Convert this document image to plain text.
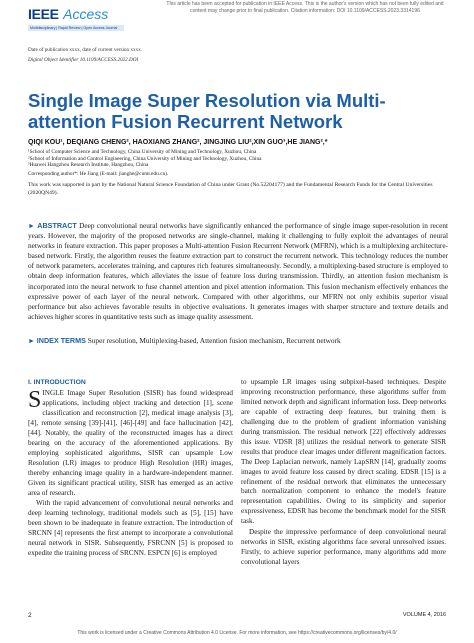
This article has been accepted for publication in IEEE Access. This is the author's version which has not been fully edited and
content may change prior to final publication. Citation information: DOI 10.1109/ACCESS.2023.3314196
IEEE Access
Multidisciplinary | Rapid Review | Open Access Journal
Date of publication xxxx, date of current version xxxx.
Digital Object Identifier 10.1109/ACCESS.2022.DOI
Single Image Super Resolution via Multi-attention Fusion Recurrent Network
QIQI KOU¹, DEQIANG CHENG², HAOXIANG ZHANG², JINGJING LIU²,XIN GUO³,HE JIANG²,*
¹School of Computer Science and Technology, China University of Mining and Technology, Xuzhou, China
²School of Information and Control Engineering, China University of Mining and Technology, Xuzhou, China
³Huawei Hangzhou Research Institute, Hangzhou, China
Corresponding author*: He Jiang (E-mail: jianghe@cumt.edu.cn).
This work was supported in part by the National Natural Science Foundation of China under Grant (No.52204177) and the Fundamental Research Funds for the Central Universities (2020QN49).
► ABSTRACT Deep convolutional neural networks have significantly enhanced the performance of single image super-resolution in recent years. However, the majority of the proposed networks are single-channel, making it challenging to fully exploit the advantages of neural networks in feature extraction. This paper proposes a Multi-attention Fusion Recurrent Network (MFRN), which is a multiplexing architecture-based network. Firstly, the algorithm reuses the feature extraction part to construct the recurrent network. This technology reduces the number of network parameters, accelerates training, and captures rich features simultaneously. Secondly, a multiplexing-based structure is employed to obtain deep information features, which alleviates the issue of feature loss during transmission. Thirdly, an attention fusion mechanism is incorporated into the neural network to fuse channel attention and pixel attention information. This fusion mechanism effectively enhances the expressive power of each layer of the neural network. Compared with other algorithms, our MFRN not only exhibits superior visual performance but also achieves favorable results in objective evaluations. It generates images with sharper structure and texture details and achieves higher scores in quantitative tests such as image quality assessment.
► INDEX TERMS Super resolution, Multiplexing-based, Attention fusion mechanism, Recurrent network
I. INTRODUCTION

SINGLE Image Super Resolution (SISR) has found widespread applications, including object tracking and detection [1], scene classification and reconstruction [2], medical image analysis [3], [4], remote sensing [39]-[41], [46]-[49] and face hallucination [42], [44]. Notably, the quality of the reconstructed images has a direct bearing on the accuracy of the aforementioned applications. By employing sophisticated algorithms, SISR can upsample Low Resolution (LR) images to produce High Resolution (HR) images, thereby enhancing image quality in a hardware-independent manner. Given its significant practical utility, SISR has emerged as an active area of research.

With the rapid advancement of convolutional neural networks and deep learning technology, traditional models such as [5], [15] have been shown to be inadequate in feature extraction. The introduction of SRCNN [4] represents the first attempt to incorporate a convolutional neural network in SISR. Subsequently, FSRCNN [5] is proposed to expedite the training process of SRCNN. ESPCN [6] is employed

to upsample LR images using subpixel-based techniques. Despite improving reconstruction performance, these algorithms suffer from limited network depth and significant information loss. Deep networks are capable of extracting deep features, but training them is challenging due to the problem of gradient information vanishing during transmission. The residual network [22] effectively addresses this issue. VDSR [8] utilizes the residual network to generate SISR results that produce clear images under different magnification factors. The Deep Laplacian network, namely LapSRN [14], gradually zooms images to avoid feature loss caused by direct scaling. EDSR [15] is a refinement of the residual network that eliminates the unnecessary batch normalization component to enhance the model's feature representation capabilities. Owing to its simplicity and superior expressiveness, EDSR has become the benchmark model for the SISR task.

Despite the impressive performance of deep convolutional neural networks in SISR, existing algorithms face several unresolved issues. Firstly, to achieve superior performance, many algorithms add more convolutional layers

2	VOLUME 4, 2016
This work is licensed under a Creative Commons Attribution 4.0 License. For more information, see https://creativecommons.org/licenses/by/4.0/
